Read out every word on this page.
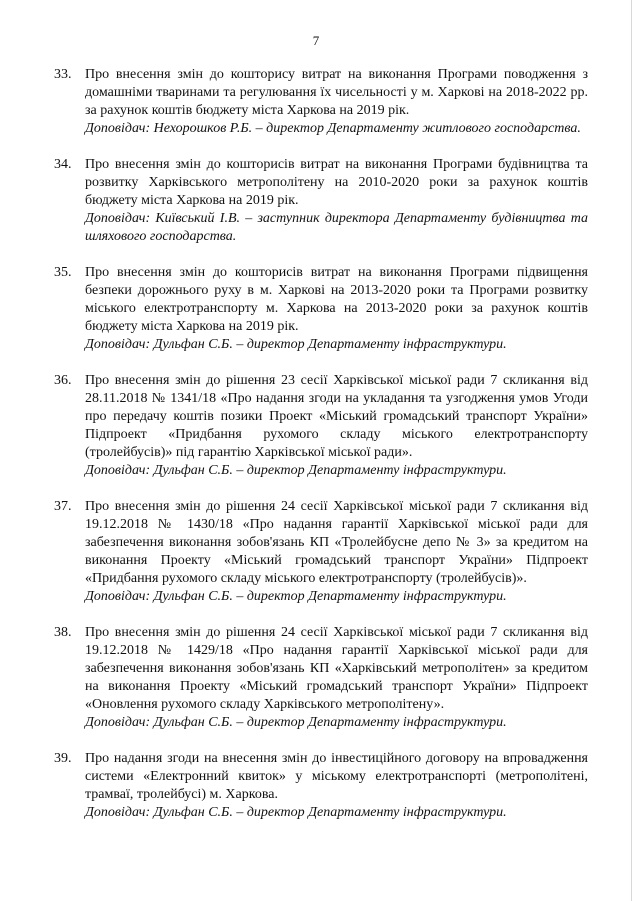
7
33. Про внесення змін до кошторису витрат на виконання Програми поводження з домашніми тваринами та регулювання їх чисельності у м. Харкові на 2018-2022 рр. за рахунок коштів бюджету міста Харкова на 2019 рік.
Доповідач: Нехорошков Р.Б. – директор Департаменту житлового господарства.
34. Про внесення змін до кошторисів витрат на виконання Програми будівництва та розвитку Харківського метрополітену на 2010-2020 роки за рахунок коштів бюджету міста Харкова на 2019 рік.
Доповідач: Київський І.В. – заступник директора Департаменту будівництва та шляхового господарства.
35. Про внесення змін до кошторисів витрат на виконання Програми підвищення безпеки дорожнього руху в м. Харкові на 2013-2020 роки та Програми розвитку міського електротранспорту м. Харкова на 2013-2020 роки за рахунок коштів бюджету міста Харкова на 2019 рік.
Доповідач: Дульфан С.Б. – директор Департаменту інфраструктури.
36. Про внесення змін до рішення 23 сесії Харківської міської ради 7 скликання від 28.11.2018 № 1341/18 «Про надання згоди на укладання та узгодження умов Угоди про передачу коштів позики Проект «Міський громадський транспорт України» Підпроект «Придбання рухомого складу міського електротранспорту (тролейбусів)» під гарантію Харківської міської ради».
Доповідач: Дульфан С.Б. – директор Департаменту інфраструктури.
37. Про внесення змін до рішення 24 сесії Харківської міської ради 7 скликання від 19.12.2018 № 1430/18 «Про надання гарантії Харківської міської ради для забезпечення виконання зобов'язань КП «Тролейбусне депо № 3» за кредитом на виконання Проекту «Міський громадський транспорт України» Підпроект «Придбання рухомого складу міського електротранспорту (тролейбусів)».
Доповідач: Дульфан С.Б. – директор Департаменту інфраструктури.
38. Про внесення змін до рішення 24 сесії Харківської міської ради 7 скликання від 19.12.2018 № 1429/18 «Про надання гарантії Харківської міської ради для забезпечення виконання зобов'язань КП «Харківський метрополітен» за кредитом на виконання Проекту «Міський громадський транспорт України» Підпроект «Оновлення рухомого складу Харківського метрополітену».
Доповідач: Дульфан С.Б. – директор Департаменту інфраструктури.
39. Про надання згоди на внесення змін до інвестиційного договору на впровадження системи «Електронний квиток» у міському електротранспорті (метрополітені, трамваї, тролейбусі) м. Харкова.
Доповідач: Дульфан С.Б. – директор Департаменту інфраструктури.
